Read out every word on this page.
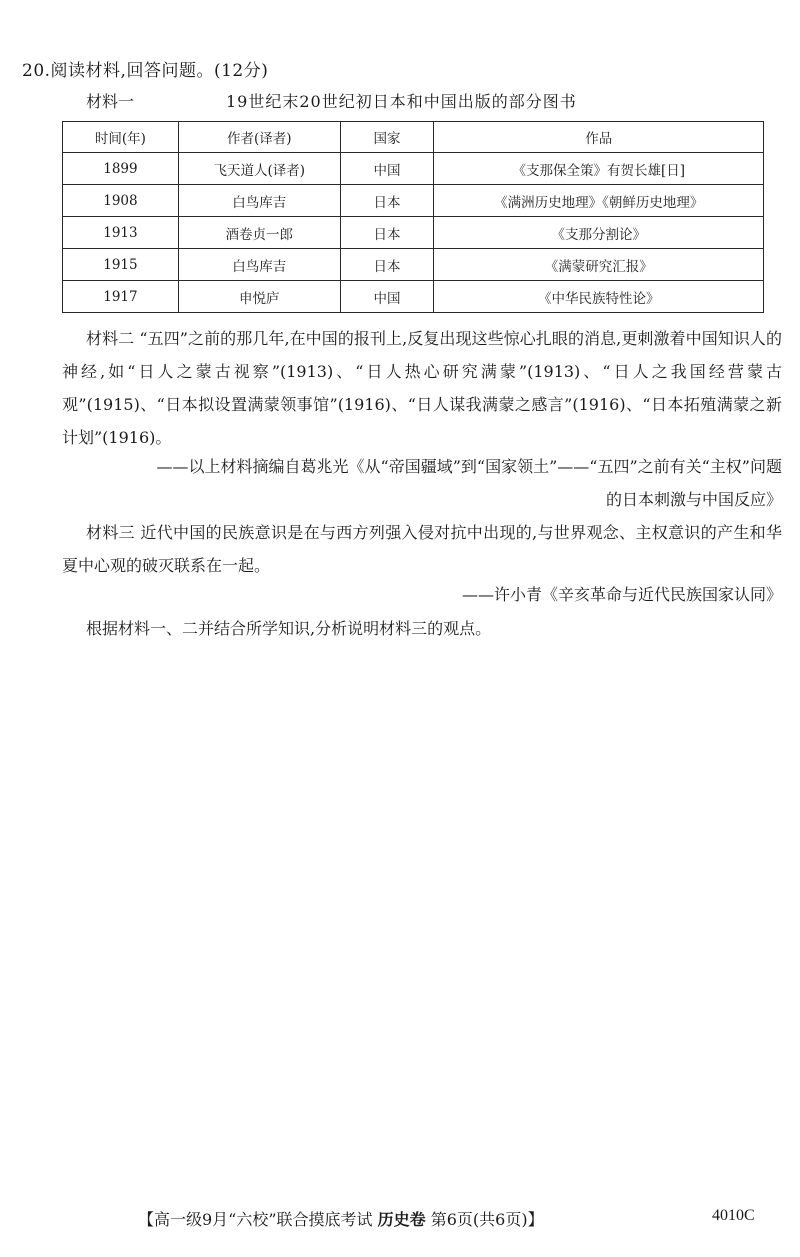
20.阅读材料,回答问题。(12分)
材料一	19世纪末20世纪初日本和中国出版的部分图书
时间(年)	作者(译者)	国家	作品
1899	飞天道人(译者)	中国	《支那保全策》有贺长雄[日]
1908	白鸟库吉	日本	《满洲历史地理》《朝鲜历史地理》
1913	酒卷贞一郎	日本	《支那分割论》
1915	白鸟库吉	日本	《满蒙研究汇报》
1917	申悦庐	中国	《中华民族特性论》
材料二 “五四”之前的那几年,在中国的报刊上,反复出现这些惊心扎眼的消息,更刺激着中国知识人的神经,如“日人之蒙古视察”(1913)、“日人热心研究满蒙”(1913)、“日人之我国经营蒙古观”(1915)、“日本拟设置满蒙领事馆”(1916)、“日人谋我满蒙之感言”(1916)、“日本拓殖满蒙之新计划”(1916)。
——以上材料摘编自葛兆光《从“帝国疆域”到“国家领土”——“五四”之前有关“主权”问题
的日本刺激与中国反应》
材料三 近代中国的民族意识是在与西方列强入侵对抗中出现的,与世界观念、主权意识的产生和华夏中心观的破灭联系在一起。
——许小青《辛亥革命与近代民族国家认同》
根据材料一、二并结合所学知识,分析说明材料三的观点。
【高一级9月“六校”联合摸底考试 历史卷 第6页(共6页)】	4010C
